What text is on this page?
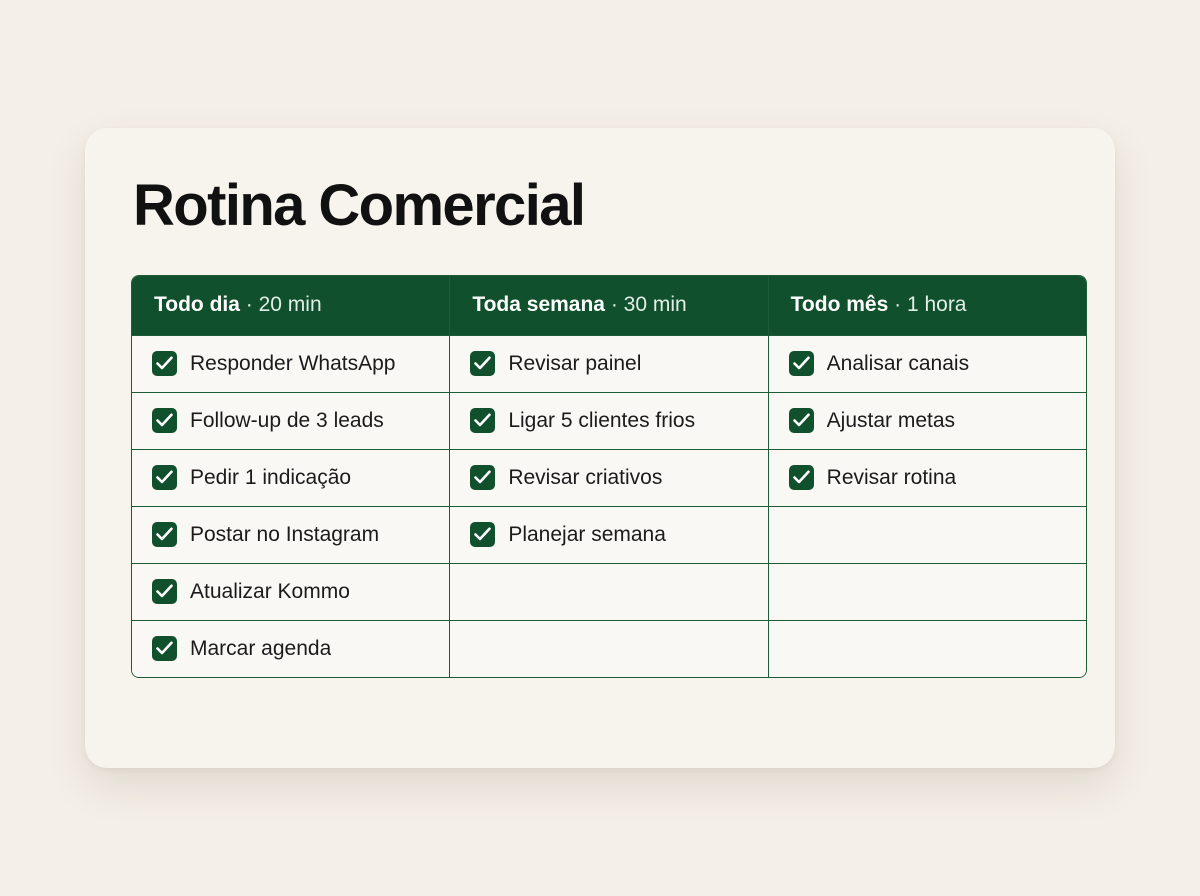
Rotina Comercial
Todo dia · 20 min	Toda semana · 30 min	Todo mês · 1 hora
Responder WhatsApp	Revisar painel	Analisar canais
Follow-up de 3 leads	Ligar 5 clientes frios	Ajustar metas
Pedir 1 indicação	Revisar criativos	Revisar rotina
Postar no Instagram	Planejar semana
Atualizar Kommo
Marcar agenda
